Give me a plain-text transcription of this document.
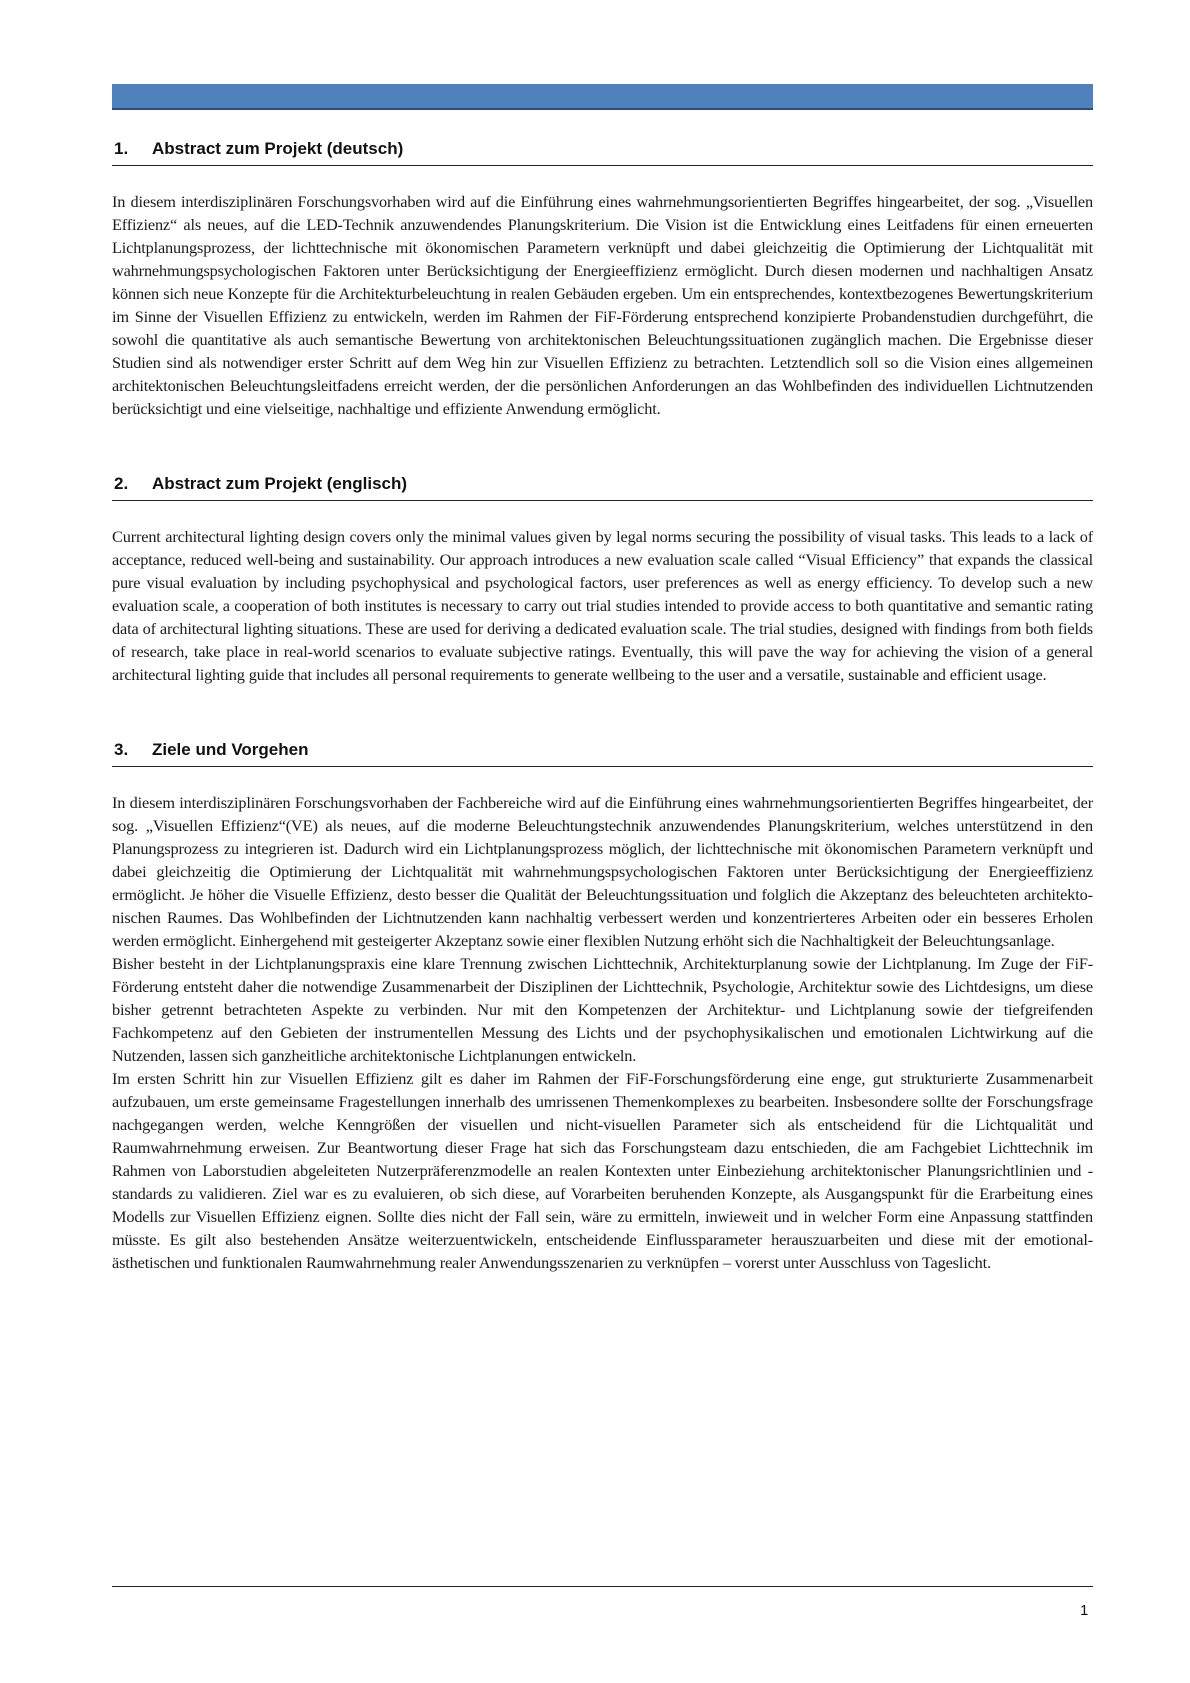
1. Abstract zum Projekt (deutsch)

In diesem interdisziplinären Forschungsvorhaben wird auf die Einführung eines wahrnehmungsorientierten Begriffes hingearbeitet, der sog. „Visuellen Effizienz“ als neues, auf die LED-Technik anzuwendendes Planungskriterium. Die Vision ist die Entwicklung eines Leitfadens für einen erneuerten Lichtplanungsprozess, der lichttechnische mit ökonomischen Parametern verknüpft und dabei gleichzeitig die Optimierung der Lichtqualität mit wahrnehmungspsychologischen Faktoren unter Berücksichtigung der Energieeffizienz ermöglicht. Durch diesen modernen und nachhaltigen Ansatz können sich neue Konzepte für die Architekturbeleuchtung in realen Gebäuden ergeben. Um ein entsprechendes, kontextbezogenes Bewertungskriterium im Sinne der Visuellen Effizienz zu entwickeln, werden im Rahmen der FiF-Förderung entsprechend konzipierte Probandenstudien durchgeführt, die sowohl die quantitative als auch semantische Bewertung von architektonischen Beleuchtungssituationen zugänglich machen. Die Ergebnisse dieser Studien sind als notwendiger erster Schritt auf dem Weg hin zur Visuellen Effizienz zu betrachten. Letztendlich soll so die Vision eines allgemeinen architektonischen Beleuchtungsleitfadens erreicht werden, der die persönlichen Anforderungen an das Wohlbefinden des individuellen Lichtnutzenden berücksichtigt und eine vielseitige, nachhaltige und effiziente Anwendung ermöglicht.

2. Abstract zum Projekt (englisch)

Current architectural lighting design covers only the minimal values given by legal norms securing the possibility of visual tasks. This leads to a lack of acceptance, reduced well-being and sustainability. Our approach introduces a new evaluation scale called “Visual Efficiency” that expands the classical pure visual evaluation by including psychophysical and psychological factors, user preferences as well as energy efficiency. To develop such a new evaluation scale, a cooperation of both institutes is necessary to carry out trial studies intended to provide access to both quantitative and semantic rating data of architectural lighting situations. These are used for deriving a dedicated evaluation scale. The trial studies, designed with findings from both fields of research, take place in real-world scenarios to evaluate subjective ratings. Eventually, this will pave the way for achieving the vision of a general architectural lighting guide that includes all personal requirements to generate wellbeing to the user and a versatile, sustainable and efficient usage.

3. Ziele und Vorgehen

In diesem interdisziplinären Forschungsvorhaben der Fachbereiche wird auf die Einführung eines wahrnehmungsorientierten Begriffes hingearbeitet, der sog. „Visuellen Effizienz“(VE) als neues, auf die moderne Beleuchtungstechnik anzuwendendes Planungskriterium, welches unterstützend in den Planungsprozess zu integrieren ist. Dadurch wird ein Lichtplanungsprozess möglich, der lichttechnische mit ökonomischen Parametern verknüpft und dabei gleichzeitig die Optimierung der Lichtqualität mit wahrnehmungspsychologischen Faktoren unter Berücksichtigung der Energieeffizienz ermöglicht. Je höher die Visuelle Effizienz, desto besser die Qualität der Beleuchtungssituation und folglich die Akzeptanz des beleuchteten architektonischen Raumes. Das Wohlbefinden der Lichtnutzenden kann nachhaltig verbessert werden und konzentrierteres Arbeiten oder ein besseres Erholen werden ermöglicht. Einhergehend mit gesteigerter Akzeptanz sowie einer flexiblen Nutzung erhöht sich die Nachhaltigkeit der Beleuchtungsanlage.

Bisher besteht in der Lichtplanungspraxis eine klare Trennung zwischen Lichttechnik, Architekturplanung sowie der Lichtplanung. Im Zuge der FiF-Förderung entsteht daher die notwendige Zusammenarbeit der Disziplinen der Lichttechnik, Psychologie, Architektur sowie des Lichtdesigns, um diese bisher getrennt betrachteten Aspekte zu verbinden. Nur mit den Kompetenzen der Architektur- und Lichtplanung sowie der tiefgreifenden Fachkompetenz auf den Gebieten der instrumentellen Messung des Lichts und der psychophysikalischen und emotionalen Lichtwirkung auf die Nutzenden, lassen sich ganzheitliche architektonische Lichtplanungen entwickeln.

Im ersten Schritt hin zur Visuellen Effizienz gilt es daher im Rahmen der FiF-Forschungsförderung eine enge, gut strukturierte Zusammenarbeit aufzubauen, um erste gemeinsame Fragestellungen innerhalb des umrissenen Themenkomplexes zu bearbeiten. Insbesondere sollte der Forschungsfrage nachgegangen werden, welche Kenngrößen der visuellen und nicht-visuellen Parameter sich als entscheidend für die Lichtqualität und Raumwahrnehmung erweisen. Zur Beantwortung dieser Frage hat sich das Forschungsteam dazu entschieden, die am Fachgebiet Lichttechnik im Rahmen von Laborstudien abgeleiteten Nutzerpräferenzmodelle an realen Kontexten unter Einbeziehung architektonischer Planungsrichtlinien und -standards zu validieren. Ziel war es zu evaluieren, ob sich diese, auf Vorarbeiten beruhenden Konzepte, als Ausgangspunkt für die Erarbeitung eines Modells zur Visuellen Effizienz eignen. Sollte dies nicht der Fall sein, wäre zu ermitteln, inwieweit und in welcher Form eine Anpassung stattfinden müsste. Es gilt also bestehenden Ansätze weiterzuentwickeln, entscheidende Einflussparameter herauszuarbeiten und diese mit der emotional-ästhetischen und funktionalen Raumwahrnehmung realer Anwendungsszenarien zu verknüpfen – vorerst unter Ausschluss von Tageslicht.

1
